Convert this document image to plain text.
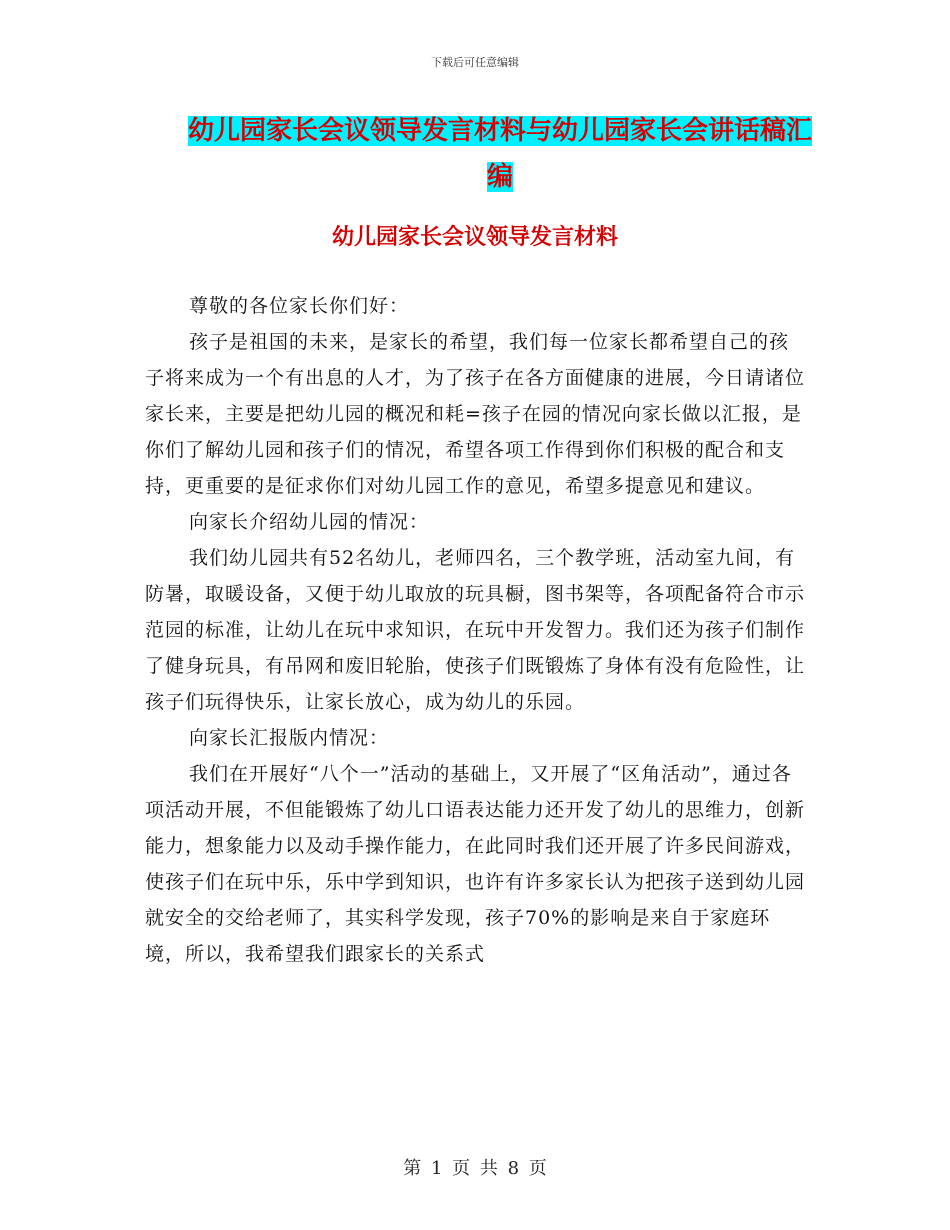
下载后可任意编辑
幼儿园家长会议领导发言材料与幼儿园家长会讲话稿汇编
幼儿园家长会议领导发言材料

尊敬的各位家长你们好：

孩子是祖国的未来，是家长的希望，我们每一位家长都希望自己的孩子将来成为一个有出息的人才，为了孩子在各方面健康的进展，今日请诸位家长来，主要是把幼儿园的概况和耗=孩子在园的情况向家长做以汇报，是你们了解幼儿园和孩子们的情况，希望各项工作得到你们积极的配合和支持，更重要的是征求你们对幼儿园工作的意见，希望多提意见和建议。

向家长介绍幼儿园的情况：

我们幼儿园共有52名幼儿，老师四名，三个教学班，活动室九间，有防暑，取暖设备，又便于幼儿取放的玩具橱，图书架等，各项配备符合市示范园的标准，让幼儿在玩中求知识，在玩中开发智力。我们还为孩子们制作了健身玩具，有吊网和废旧轮胎，使孩子们既锻炼了身体有没有危险性，让孩子们玩得快乐，让家长放心，成为幼儿的乐园。

向家长汇报版内情况：

我们在开展好“八个一”活动的基础上，又开展了“区角活动”，通过各项活动开展，不但能锻炼了幼儿口语表达能力还开发了幼儿的思维力，创新能力，想象能力以及动手操作能力，在此同时我们还开展了许多民间游戏，使孩子们在玩中乐，乐中学到知识，也许有许多家长认为把孩子送到幼儿园就安全的交给老师了，其实科学发现，孩子70%的影响是来自于家庭环境，所以，我希望我们跟家长的关系式

第 1 页 共 8 页
